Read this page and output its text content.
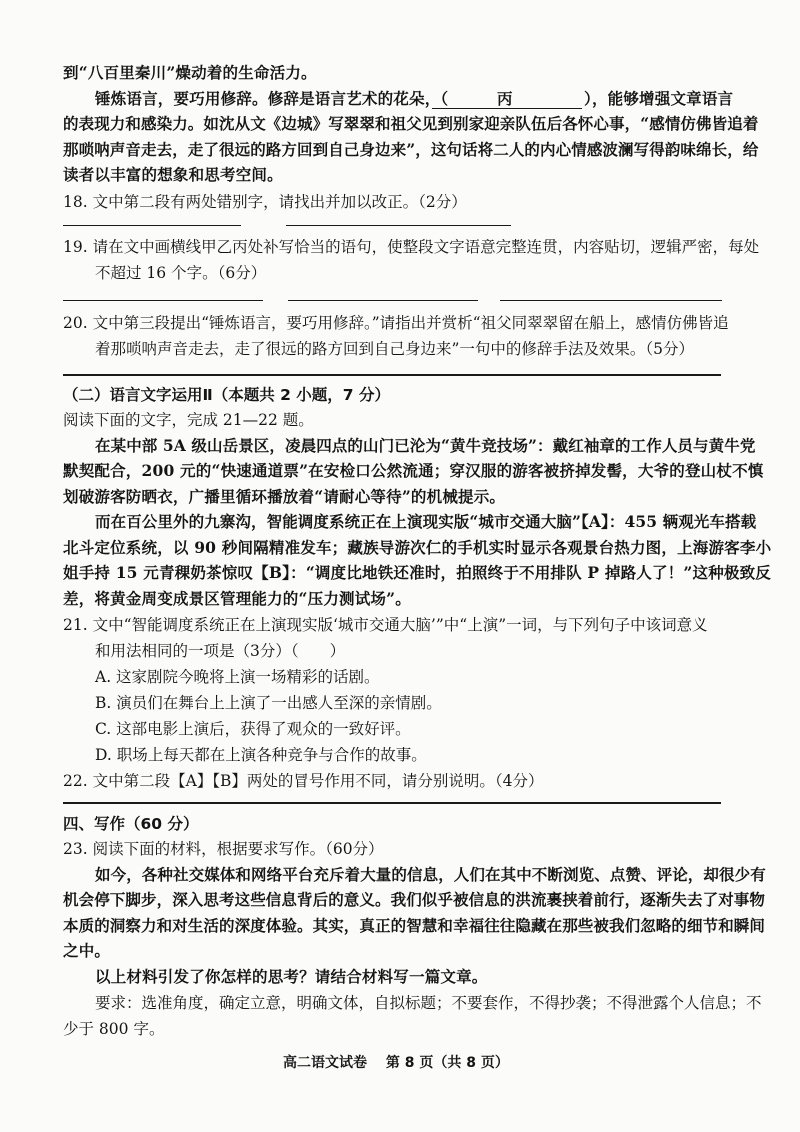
到“八百里秦川”燥动着的生命活力。
锤炼语言，要巧用修辞。修辞是语言艺术的花朵，（	丙	），能够增强文章语言
的表现力和感染力。如沈从文《边城》写翠翠和祖父见到别家迎亲队伍后各怀心事，“感情仿佛皆追着
那唢呐声音走去，走了很远的路方回到自己身边来”，这句话将二人的内心情感波澜写得韵味绵长，给
读者以丰富的想象和思考空间。
18. 文中第二段有两处错别字，请找出并加以改正。（2分）
19. 请在文中画横线甲乙丙处补写恰当的语句，使整段文字语意完整连贯，内容贴切，逻辑严密，每处
不超过 16 个字。（6分）
20. 文中第三段提出“锤炼语言，要巧用修辞。”请指出并赏析“祖父同翠翠留在船上，感情仿佛皆追
着那唢呐声音走去，走了很远的路方回到自己身边来”一句中的修辞手法及效果。（5分）
（二）语言文字运用Ⅱ（本题共 2 小题，7 分）
阅读下面的文字，完成 21—22 题。
在某中部 5A 级山岳景区，凌晨四点的山门已沦为“黄牛竞技场”：戴红袖章的工作人员与黄牛党
默契配合，200 元的“快速通道票”在安检口公然流通；穿汉服的游客被挤掉发髻，大爷的登山杖不慎
划破游客防晒衣，广播里循环播放着“请耐心等待”的机械提示。
而在百公里外的九寨沟，智能调度系统正在上演现实版“城市交通大脑”【A】：455 辆观光车搭载
北斗定位系统，以 90 秒间隔精准发车；藏族导游次仁的手机实时显示各观景台热力图，上海游客李小
姐手持 15 元青稞奶茶惊叹【B】：“调度比地铁还准时，拍照终于不用排队 P 掉路人了！”这种极致反
差，将黄金周变成景区管理能力的“压力测试场”。
21. 文中“智能调度系统正在上演现实版‘城市交通大脑’”中“上演”一词，与下列句子中该词意义
和用法相同的一项是（3分）（　　）
A. 这家剧院今晚将上演一场精彩的话剧。
B. 演员们在舞台上上演了一出感人至深的亲情剧。
C. 这部电影上演后，获得了观众的一致好评。
D. 职场上每天都在上演各种竞争与合作的故事。
22. 文中第二段【A】【B】两处的冒号作用不同，请分别说明。（4分）
四、写作（60 分）
23. 阅读下面的材料，根据要求写作。（60分）
如今，各种社交媒体和网络平台充斥着大量的信息，人们在其中不断浏览、点赞、评论，却很少有
机会停下脚步，深入思考这些信息背后的意义。我们似乎被信息的洪流裹挟着前行，逐渐失去了对事物
本质的洞察力和对生活的深度体验。其实，真正的智慧和幸福往往隐藏在那些被我们忽略的细节和瞬间
之中。
以上材料引发了你怎样的思考？请结合材料写一篇文章。
要求：选准角度，确定立意，明确文体，自拟标题；不要套作，不得抄袭；不得泄露个人信息；不
少于 800 字。
高二语文试卷　 第 8 页（共 8 页）
